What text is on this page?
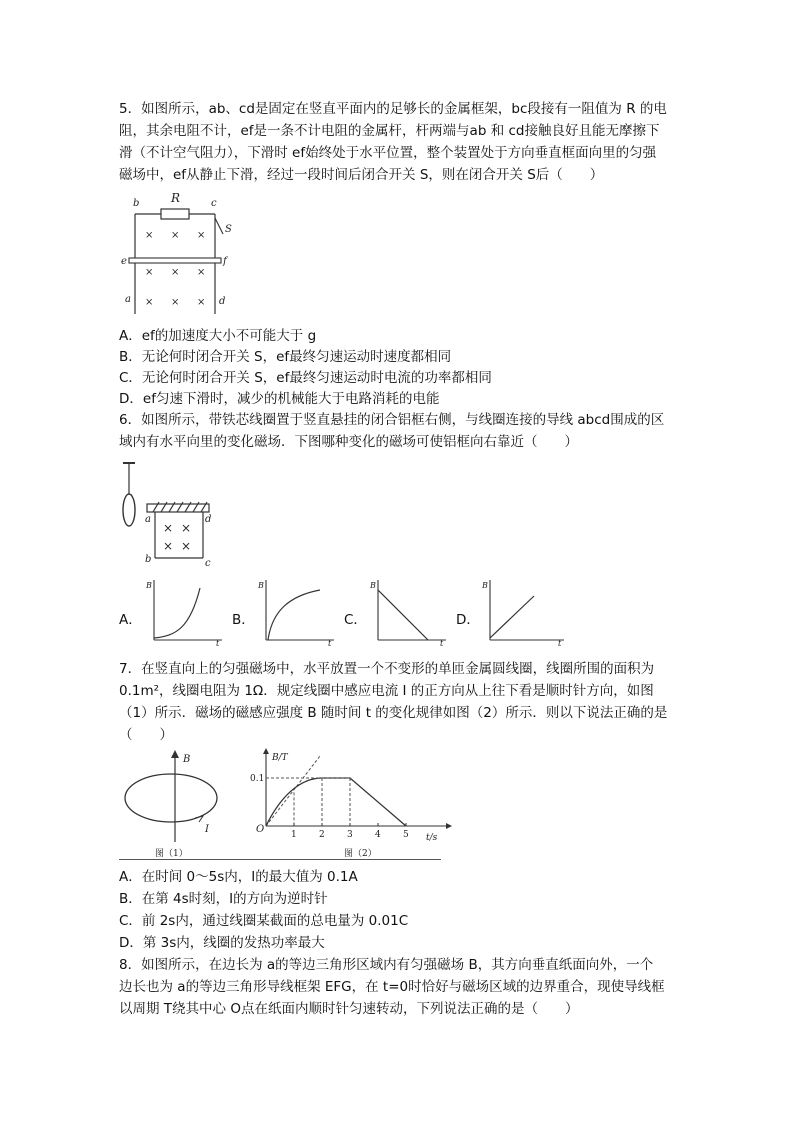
5．如图所示，ab、cd是固定在竖直平面内的足够长的金属框架，bc段接有一阻值为 R 的电
阻，其余电阻不计，ef是一条不计电阻的金属杆，杆两端与ab 和 cd接触良好且能无摩擦下
滑（不计空气阻力），下滑时 ef始终处于水平位置，整个装置处于方向垂直框面向里的匀强
磁场中，ef从静止下滑，经过一段时间后闭合开关 S，则在闭合开关 S后（　　）
b	R	c
S
e	f
a	d
× × ×
× × ×
× × ×
A．ef的加速度大小不可能大于 g
B．无论何时闭合开关 S，ef最终匀速运动时速度都相同
C．无论何时闭合开关 S，ef最终匀速运动时电流的功率都相同
D．ef匀速下滑时，减少的机械能大于电路消耗的电能
6．如图所示，带铁芯线圈置于竖直悬挂的闭合铝框右侧，与线圈连接的导线 abcd围成的区
域内有水平向里的变化磁场．下图哪种变化的磁场可使铝框向右靠近（　　）
a	d
b	c
× ×
× ×
A．
B
t
B．
B
t
C．
B
t
D．
B
t
7．在竖直向上的匀强磁场中，水平放置一个不变形的单匝金属圆线圈，线圈所围的面积为
0.1m²，线圈电阻为 1Ω．规定线圈中感应电流 I 的正方向从上往下看是顺时针方向，如图
（1）所示．磁场的磁感应强度 B 随时间 t 的变化规律如图（2）所示．则以下说法正确的是
（　　）
B
I
图（1）
B/T
t/s
O
0.1
1 2 3 4 5
图（2）
A．在时间 0～5s内，I的最大值为 0.1A
B．在第 4s时刻，I的方向为逆时针
C．前 2s内，通过线圈某截面的总电量为 0.01C
D．第 3s内，线圈的发热功率最大
8．如图所示，在边长为 a的等边三角形区域内有匀强磁场 B，其方向垂直纸面向外，一个
边长也为 a的等边三角形导线框架 EFG，在 t=0时恰好与磁场区域的边界重合，现使导线框
以周期 T绕其中心 O点在纸面内顺时针匀速转动，下列说法正确的是（　　）
